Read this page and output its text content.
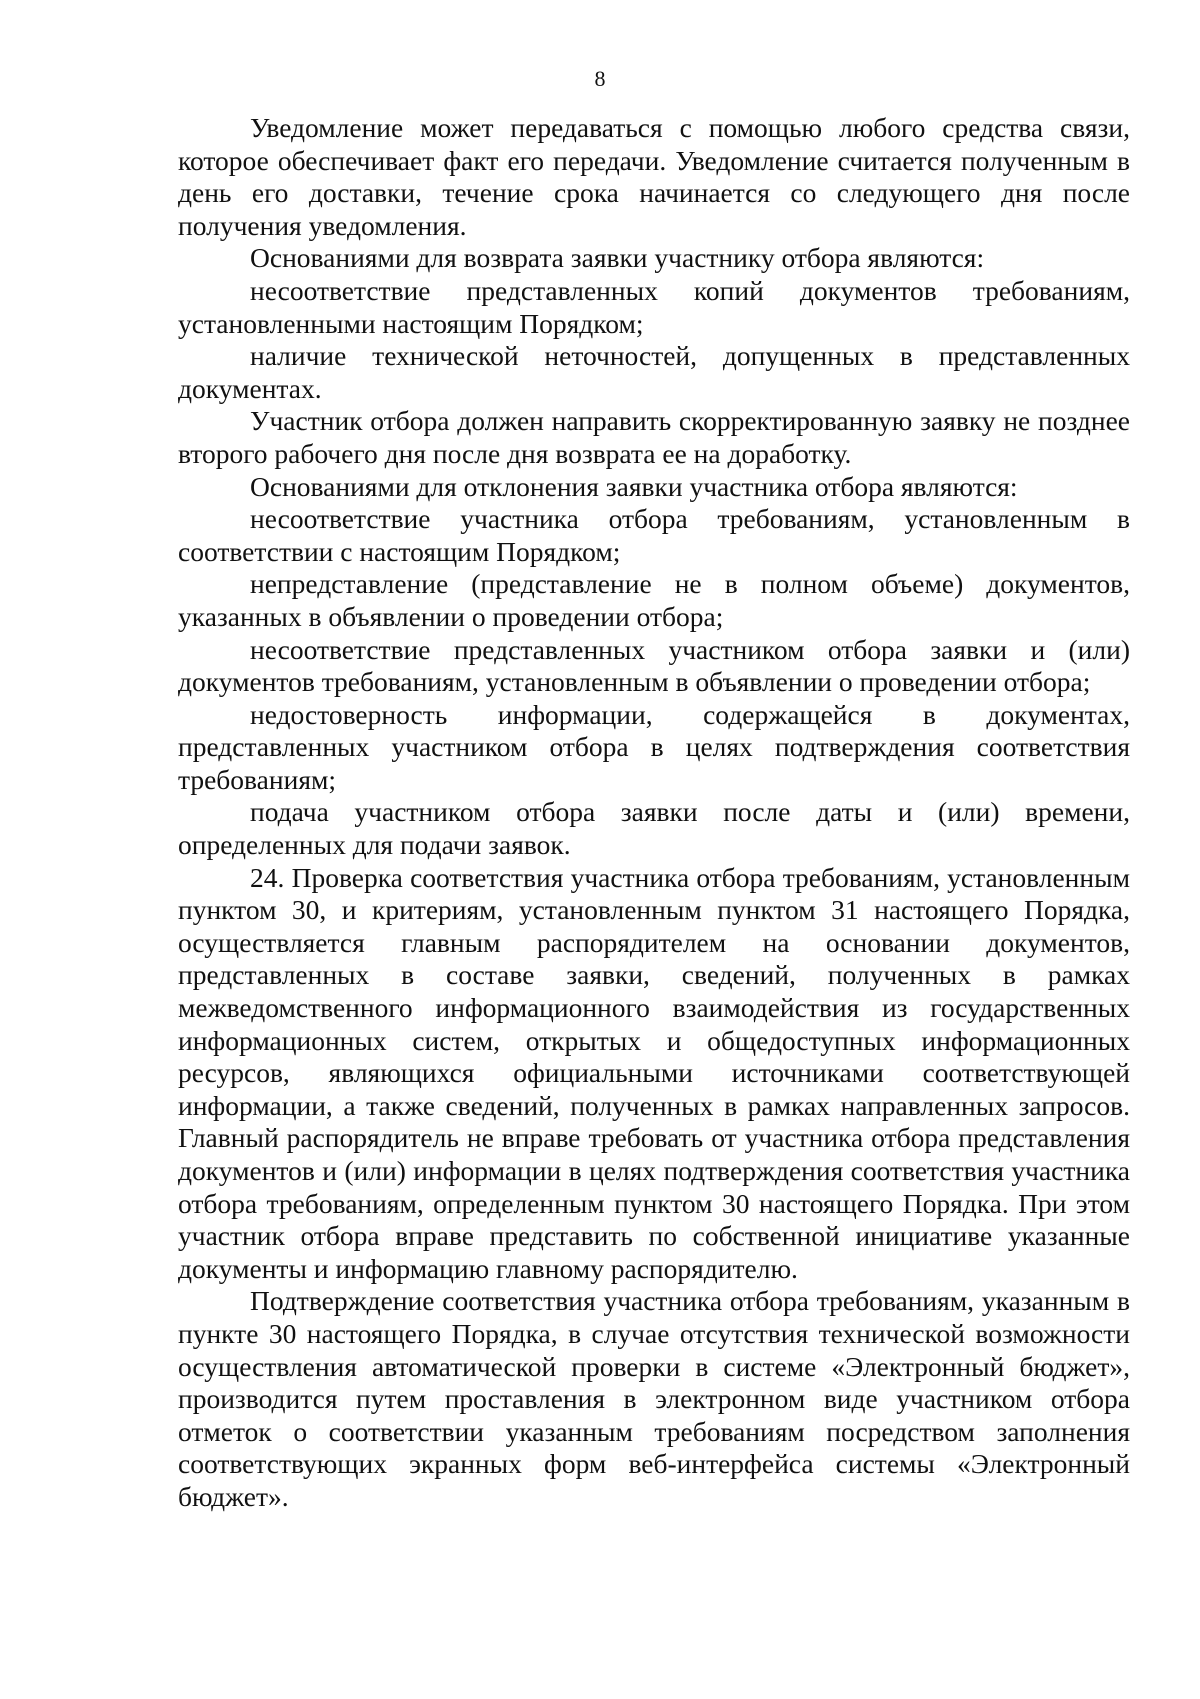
8

Уведомление может передаваться с помощью любого средства связи, которое обеспечивает факт его передачи. Уведомление считается полученным в день его доставки, течение срока начинается со следующего дня после получения уведомления.

Основаниями для возврата заявки участнику отбора являются:

несоответствие представленных копий документов требованиям, установленными настоящим Порядком;

наличие технической неточностей, допущенных в представленных документах.

Участник отбора должен направить скорректированную заявку не позднее второго рабочего дня после дня возврата ее на доработку.

Основаниями для отклонения заявки участника отбора являются:

несоответствие участника отбора требованиям, установленным в соответствии с настоящим Порядком;

непредставление (представление не в полном объеме) документов, указанных в объявлении о проведении отбора;

несоответствие представленных участником отбора заявки и (или) документов требованиям, установленным в объявлении о проведении отбора;

недостоверность информации, содержащейся в документах, представленных участником отбора в целях подтверждения соответствия требованиям;

подача участником отбора заявки после даты и (или) времени, определенных для подачи заявок.

24. Проверка соответствия участника отбора требованиям, установленным пунктом 30, и критериям, установленным пунктом 31 настоящего Порядка, осуществляется главным распорядителем на основании документов, представленных в составе заявки, сведений, полученных в рамках межведомственного информационного взаимодействия из государственных информационных систем, открытых и общедоступных информационных ресурсов, являющихся официальными источниками соответствующей информации, а также сведений, полученных в рамках направленных запросов. Главный распорядитель не вправе требовать от участника отбора представления документов и (или) информации в целях подтверждения соответствия участника отбора требованиям, определенным пунктом 30 настоящего Порядка. При этом участник отбора вправе представить по собственной инициативе указанные документы и информацию главному распорядителю.

Подтверждение соответствия участника отбора требованиям, указанным в пункте 30 настоящего Порядка, в случае отсутствия технической возможности осуществления автоматической проверки в системе «Электронный бюджет», производится путем проставления в электронном виде участником отбора отметок о соответствии указанным требованиям посредством заполнения соответствующих экранных форм веб-интерфейса системы «Электронный бюджет».
